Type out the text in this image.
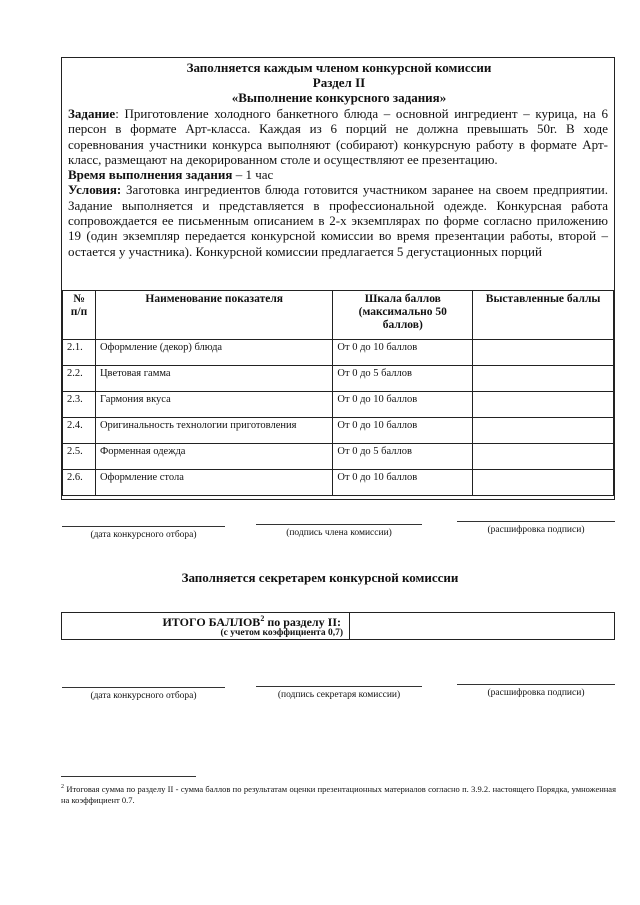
Заполняется каждым членом конкурсной комиссии
Раздел II
«Выполнение конкурсного задания»

Задание: Приготовление холодного банкетного блюда – основной ингредиент – курица, на 6 персон в формате Арт-класса. Каждая из 6 порций не должна превышать 50г. В ходе соревнования участники конкурса выполняют (собирают) конкурсную работу в формате Арт-класс, размещают на декорированном столе и осуществляют ее презентацию.

Время выполнения задания – 1 час

Условия: Заготовка ингредиентов блюда готовится участником заранее на своем предприятии. Задание выполняется и представляется в профессиональной одежде. Конкурсная работа сопровождается ее письменным описанием в 2-х экземплярах по форме согласно приложению 19 (один экземпляр передается конкурсной комиссии во время презентации работы, второй – остается у участника). Конкурсной комиссии предлагается 5 дегустационных порций

№ п/п	Наименование показателя	Шкала баллов (максимально 50 баллов)	Выставленные баллы
2.1.	Оформление (декор) блюда	От 0 до 10 баллов	
2.2.	Цветовая гамма	От 0 до 5 баллов	
2.3.	Гармония вкуса	От 0 до 10 баллов	
2.4.	Оригинальность технологии приготовления	От 0 до 10 баллов	
2.5.	Форменная одежда	От 0 до 5 баллов	
2.6.	Оформление стола	От 0 до 10 баллов	
(дата конкурсного отбора)	(подпись члена комиссии)	(расшифровка подписи)
Заполняется секретарем конкурсной комиссии
ИТОГО БАЛЛОВ$^2$ по разделу II:
(с учетом коэффициента 0,7)
(дата конкурсного отбора)	(подпись секретаря комиссии)	(расшифровка подписи)
$^2$ Итоговая сумма по разделу II - сумма баллов по результатам оценки презентационных материалов согласно п. 3.9.2. настоящего Порядка, умноженная на коэффициент 0.7.
